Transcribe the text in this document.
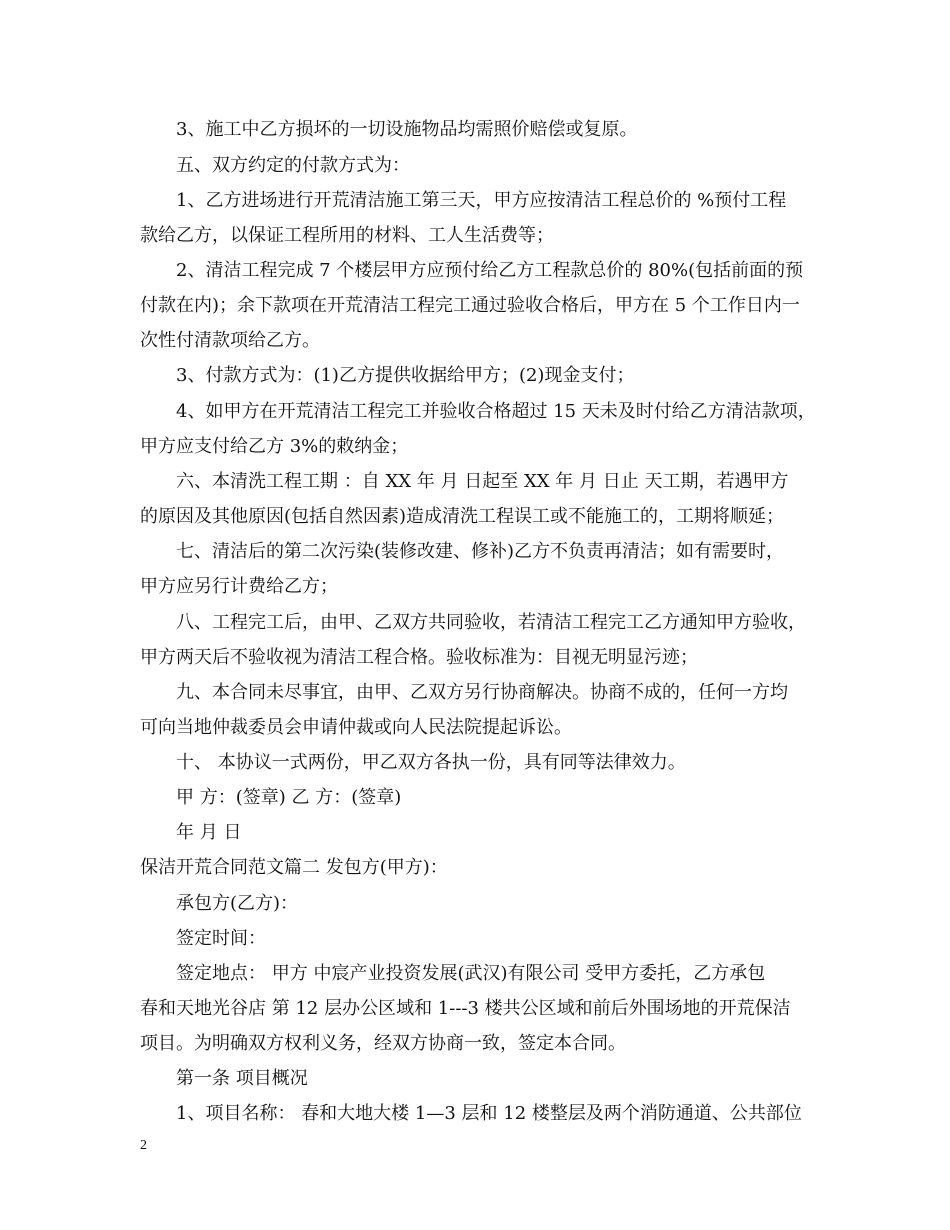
3、施工中乙方损坏的一切设施物品均需照价赔偿或复原。
五、双方约定的付款方式为：
1、乙方进场进行开荒清洁施工第三天，甲方应按清洁工程总价的 %预付工程
款给乙方，以保证工程所用的材料、工人生活费等；
2、清洁工程完成 7 个楼层甲方应预付给乙方工程款总价的 80%(包括前面的预
付款在内)；余下款项在开荒清洁工程完工通过验收合格后，甲方在 5 个工作日内一
次性付清款项给乙方。
3、付款方式为：(1)乙方提供收据给甲方；(2)现金支付；
4、如甲方在开荒清洁工程完工并验收合格超过 15 天未及时付给乙方清洁款项，
甲方应支付给乙方 3%的敕纳金；
六、本清洗工程工期 ：自 XX 年 月 日起至 XX 年 月 日止 天工期，若遇甲方
的原因及其他原因(包括自然因素)造成清洗工程误工或不能施工的，工期将顺延；
七、清洁后的第二次污染(装修改建、修补)乙方不负责再清洁；如有需要时，
甲方应另行计费给乙方；
八、工程完工后，由甲、乙双方共同验收，若清洁工程完工乙方通知甲方验收，
甲方两天后不验收视为清洁工程合格。验收标准为：目视无明显污迹；
九、本合同未尽事宜，由甲、乙双方另行协商解决。协商不成的，任何一方均
可向当地仲裁委员会申请仲裁或向人民法院提起诉讼。
十、 本协议一式两份，甲乙双方各执一份，具有同等法律效力。
甲 方：(签章) 乙 方：(签章)
年 月 日
保洁开荒合同范文篇二 发包方(甲方)：
承包方(乙方)：
签定时间：
签定地点： 甲方 中宸产业投资发展(武汉)有限公司 受甲方委托，乙方承包
春和天地光谷店 第 12 层办公区域和 1---3 楼共公区域和前后外围场地的开荒保洁
项目。为明确双方权利义务，经双方协商一致，签定本合同。
第一条 项目概况
1、项目名称： 春和大地大楼 1—3 层和 12 楼整层及两个消防通道、公共部位
2
